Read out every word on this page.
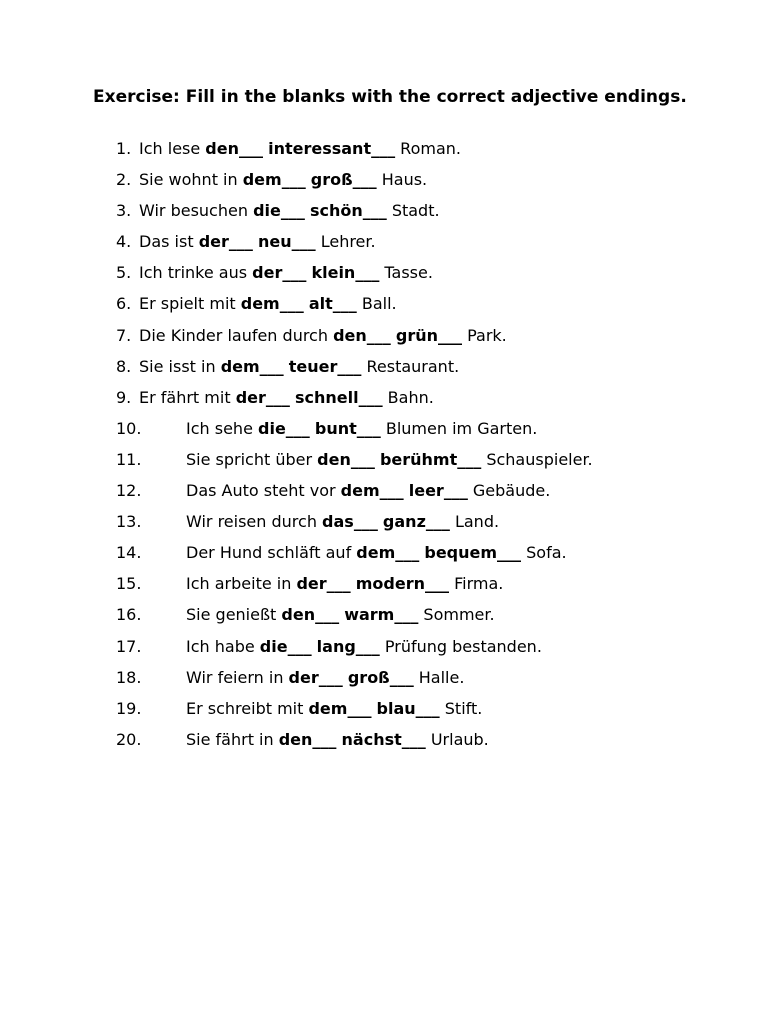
Exercise: Fill in the blanks with the correct adjective endings.
1. Ich lese den___ interessant___ Roman.
2. Sie wohnt in dem___ groß___ Haus.
3. Wir besuchen die___ schön___ Stadt.
4. Das ist der___ neu___ Lehrer.
5. Ich trinke aus der___ klein___ Tasse.
6. Er spielt mit dem___ alt___ Ball.
7. Die Kinder laufen durch den___ grün___ Park.
8. Sie isst in dem___ teuer___ Restaurant.
9. Er fährt mit der___ schnell___ Bahn.
10.	Ich sehe die___ bunt___ Blumen im Garten.
11.	Sie spricht über den___ berühmt___ Schauspieler.
12.	Das Auto steht vor dem___ leer___ Gebäude.
13.	Wir reisen durch das___ ganz___ Land.
14.	Der Hund schläft auf dem___ bequem___ Sofa.
15.	Ich arbeite in der___ modern___ Firma.
16.	Sie genießt den___ warm___ Sommer.
17.	Ich habe die___ lang___ Prüfung bestanden.
18.	Wir feiern in der___ groß___ Halle.
19.	Er schreibt mit dem___ blau___ Stift.
20.	Sie fährt in den___ nächst___ Urlaub.
